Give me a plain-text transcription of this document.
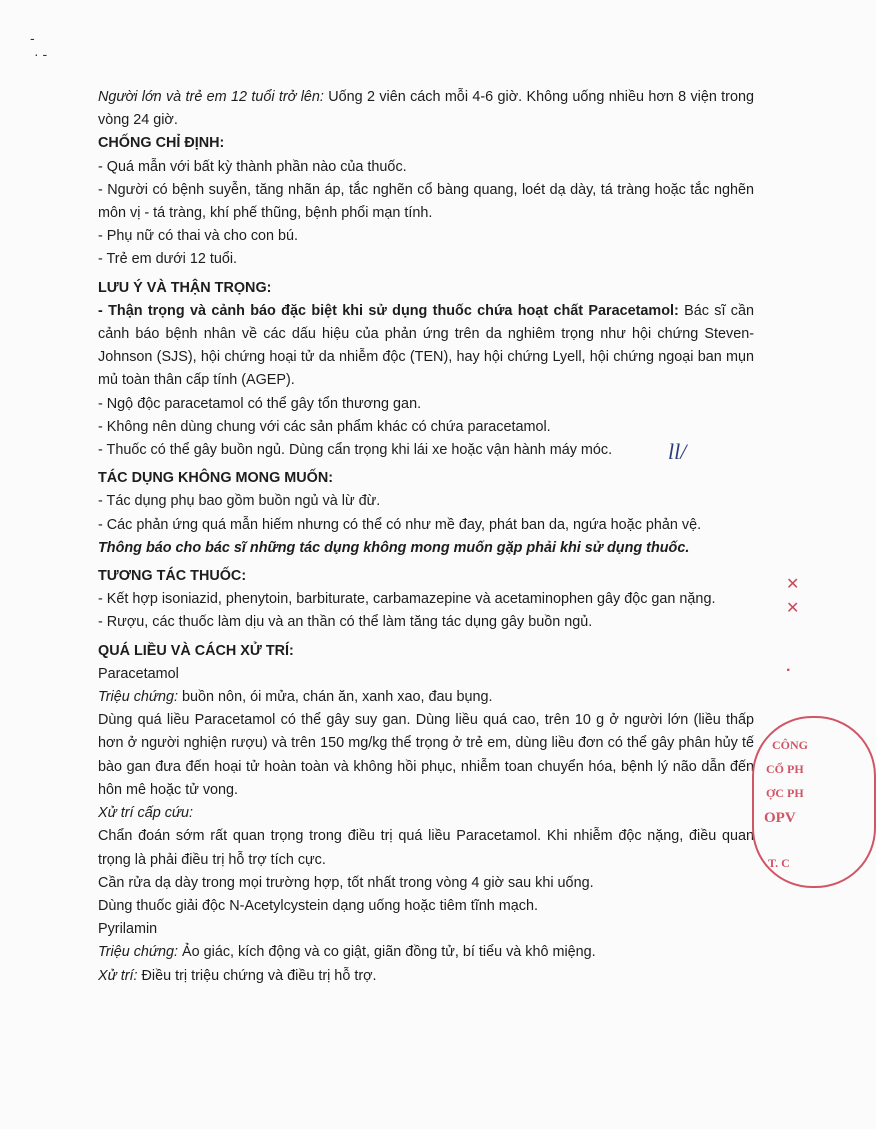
-
· -

Người lớn và trẻ em 12 tuổi trở lên: Uống 2 viên cách mỗi 4-6 giờ. Không uống nhiều hơn 8 viện trong vòng 24 giờ.

CHỐNG CHỈ ĐỊNH:

- Quá mẫn với bất kỳ thành phần nào của thuốc.

- Người có bệnh suyễn, tăng nhãn áp, tắc nghẽn cổ bàng quang, loét dạ dày, tá tràng hoặc tắc nghẽn môn vị - tá tràng, khí phế thũng, bệnh phổi mạn tính.

- Phụ nữ có thai và cho con bú.

- Trẻ em dưới 12 tuổi.

LƯU Ý VÀ THẬN TRỌNG:

- Thận trọng và cảnh báo đặc biệt khi sử dụng thuốc chứa hoạt chất Paracetamol: Bác sĩ cần cảnh báo bệnh nhân về các dấu hiệu của phản ứng trên da nghiêm trọng như hội chứng Steven-Johnson (SJS), hội chứng hoại tử da nhiễm độc (TEN), hay hội chứng Lyell, hội chứng ngoại ban mụn mủ toàn thân cấp tính (AGEP).

- Ngộ độc paracetamol có thể gây tổn thương gan.

- Không nên dùng chung với các sản phẩm khác có chứa paracetamol.

- Thuốc có thể gây buồn ngủ. Dùng cẩn trọng khi lái xe hoặc vận hành máy móc.

TÁC DỤNG KHÔNG MONG MUỐN:

- Tác dụng phụ bao gồm buồn ngủ và lừ đừ.

- Các phản ứng quá mẫn hiếm nhưng có thể có như mề đay, phát ban da, ngứa hoặc phản vệ.

Thông báo cho bác sĩ những tác dụng không mong muốn gặp phải khi sử dụng thuốc.

TƯƠNG TÁC THUỐC:

- Kết hợp isoniazid, phenytoin, barbiturate, carbamazepine và acetaminophen gây độc gan nặng.

- Rượu, các thuốc làm dịu và an thần có thể làm tăng tác dụng gây buồn ngủ.

QUÁ LIỀU VÀ CÁCH XỬ TRÍ:

Paracetamol

Triệu chứng: buồn nôn, ói mửa, chán ăn, xanh xao, đau bụng.

Dùng quá liều Paracetamol có thể gây suy gan. Dùng liều quá cao, trên 10 g ở người lớn (liều thấp hơn ở người nghiện rượu) và trên 150 mg/kg thể trọng ở trẻ em, dùng liều đơn có thể gây phân hủy tế bào gan đưa đến hoại tử hoàn toàn và không hồi phục, nhiễm toan chuyển hóa, bệnh lý não dẫn đến hôn mê hoặc tử vong.

Xử trí cấp cứu:

Chẩn đoán sớm rất quan trọng trong điều trị quá liều Paracetamol. Khi nhiễm độc nặng, điều quan trọng là phải điều trị hỗ trợ tích cực.

Cần rửa dạ dày trong mọi trường hợp, tốt nhất trong vòng 4 giờ sau khi uống.

Dùng thuốc giải độc N-Acetylcystein dạng uống hoặc tiêm tĩnh mạch.

Pyrilamin

Triệu chứng: Ảo giác, kích động và co giật, giãn đồng tử, bí tiểu và khô miệng.

Xử trí: Điều trị triệu chứng và điều trị hỗ trợ.

ll/
CÔNG
CỔ PH
ỢC PH
OPV
T. C
✕
✕
·
